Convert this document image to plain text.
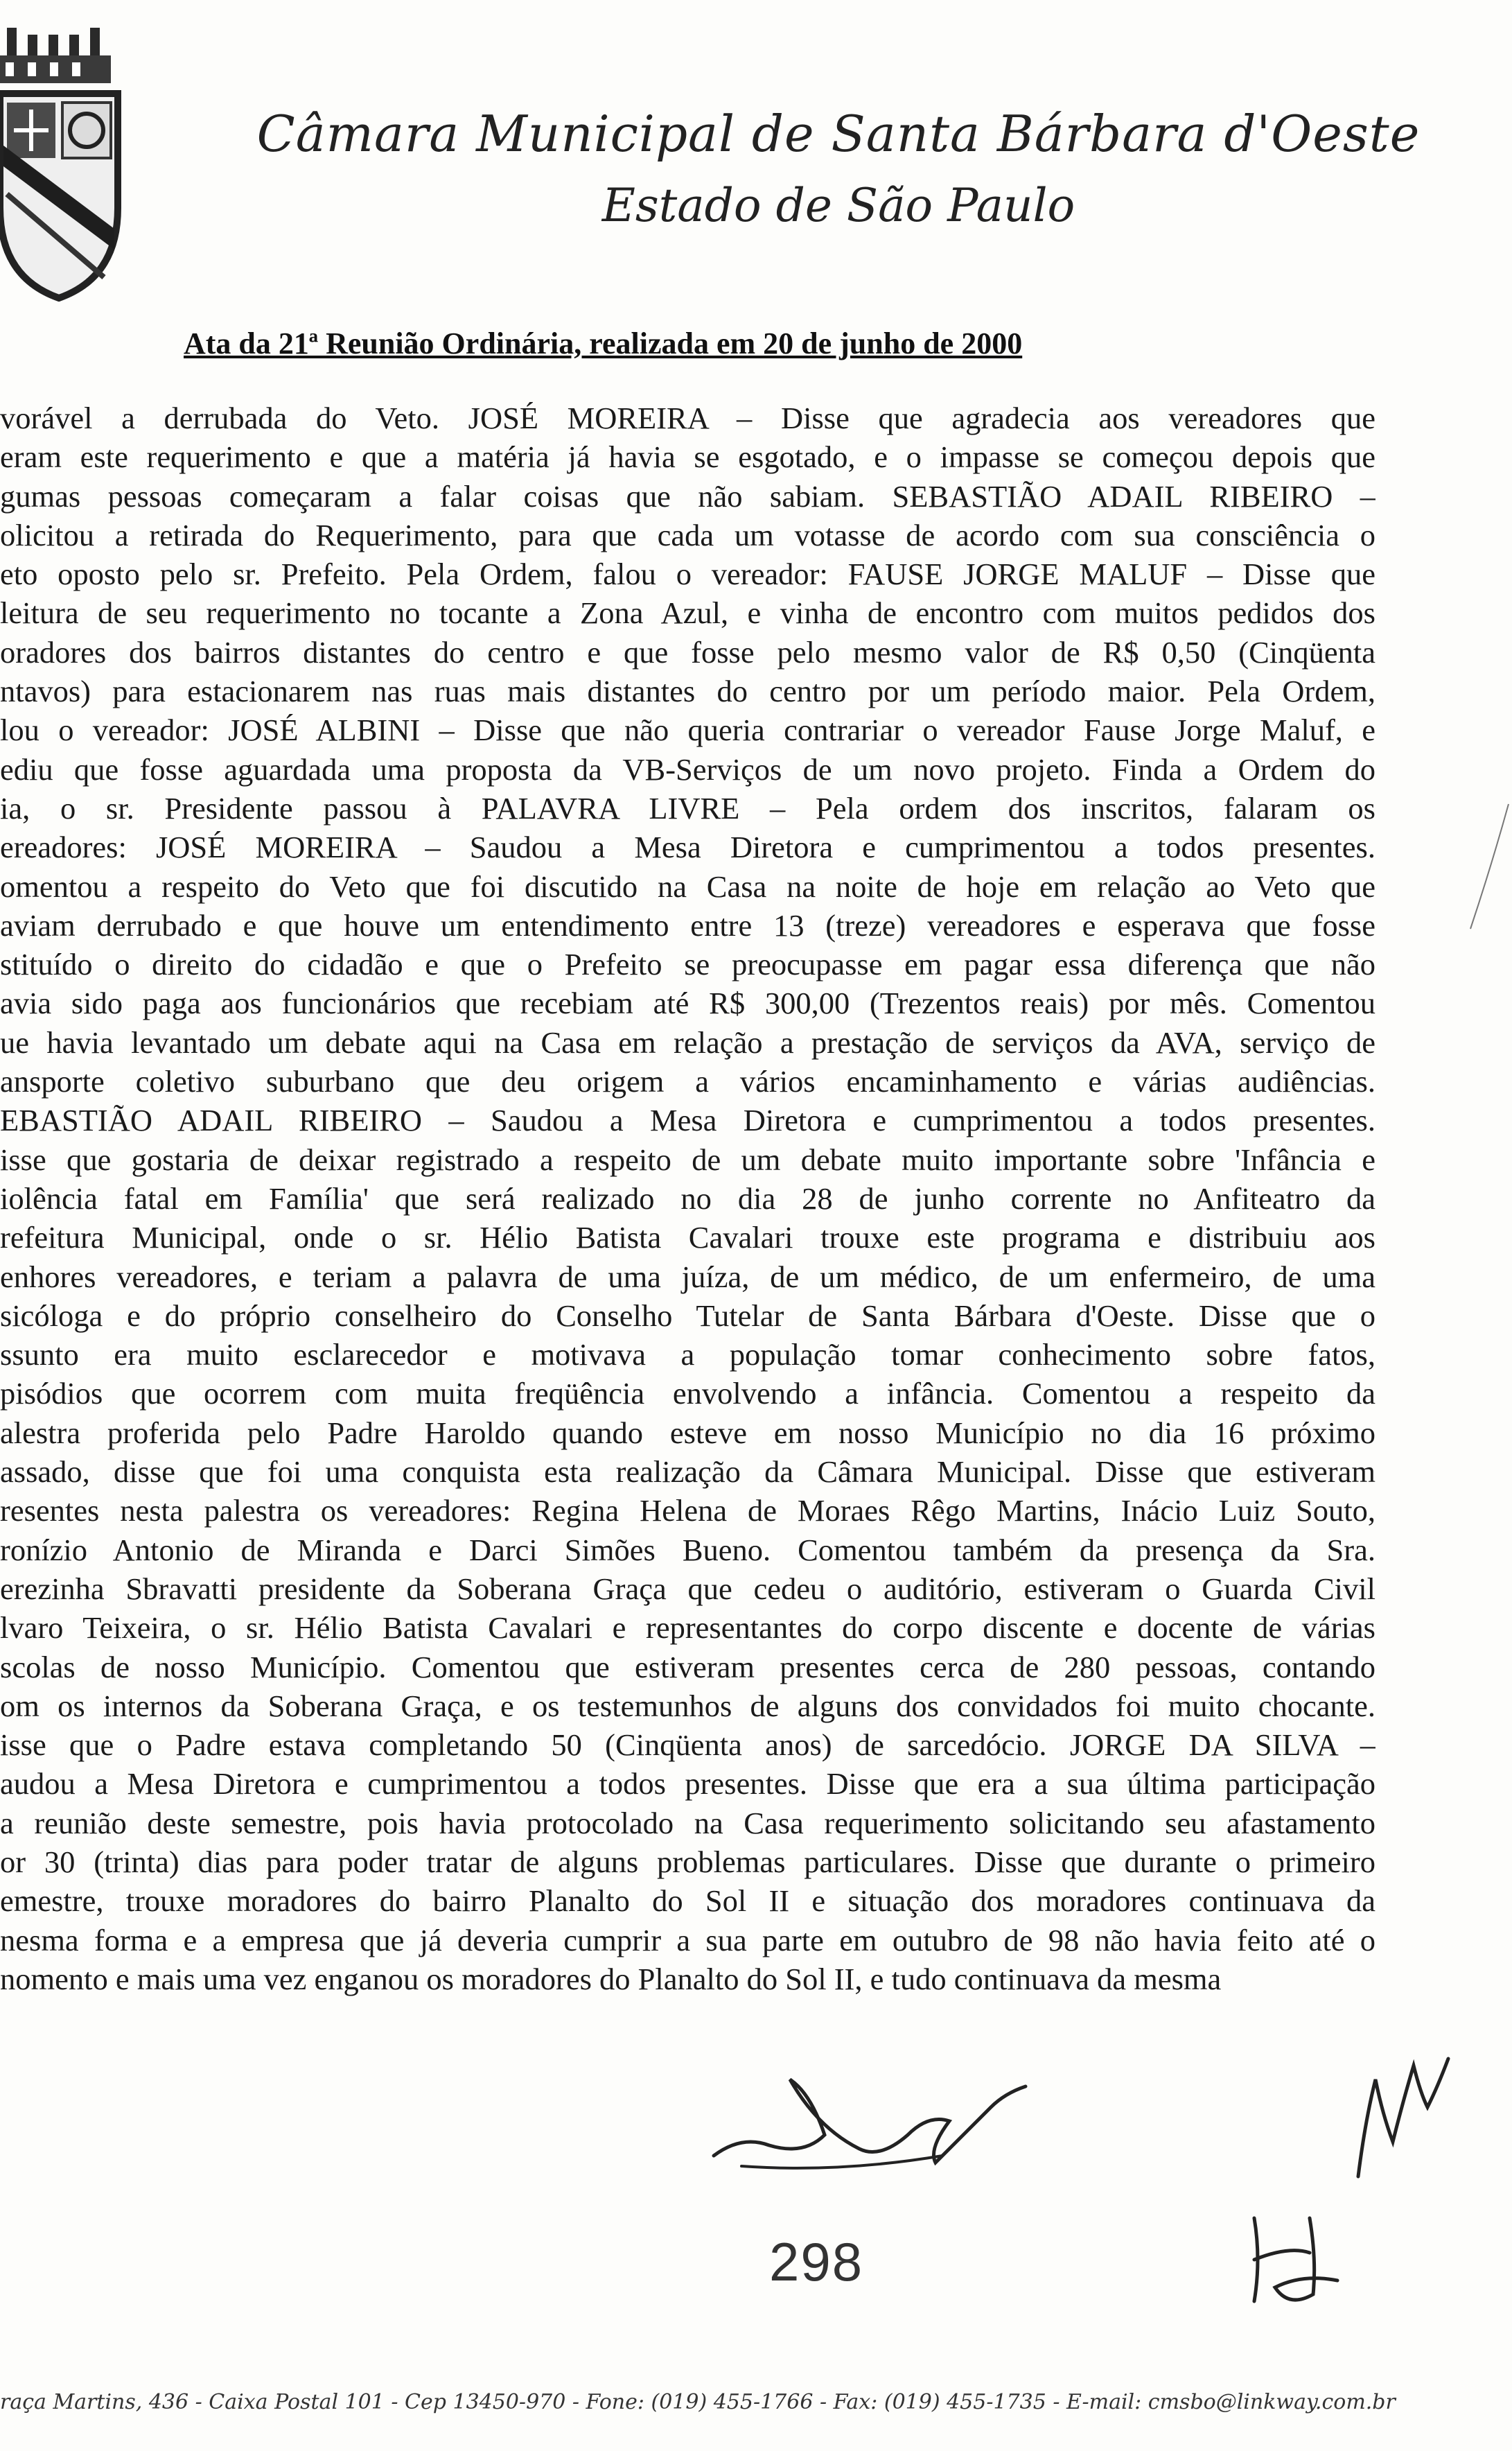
Câmara Municipal de Santa Bárbara d'Oeste
Estado de São Paulo
Ata da 21ª Reunião Ordinária, realizada em 20 de junho de 2000
vorável a derrubada do Veto. JOSÉ MOREIRA – Disse que agradecia aos vereadores que
eram este requerimento e que a matéria já havia se esgotado, e o impasse se começou depois que
gumas pessoas começaram a falar coisas que não sabiam. SEBASTIÃO ADAIL RIBEIRO –
olicitou a retirada do Requerimento, para que cada um votasse de acordo com sua consciência o
eto oposto pelo sr. Prefeito. Pela Ordem, falou o vereador: FAUSE JORGE MALUF – Disse que
leitura de seu requerimento no tocante a Zona Azul, e vinha de encontro com muitos pedidos dos
oradores dos bairros distantes do centro e que fosse pelo mesmo valor de R$ 0,50 (Cinqüenta
ntavos) para estacionarem nas ruas mais distantes do centro por um período maior. Pela Ordem,
lou o vereador: JOSÉ ALBINI – Disse que não queria contrariar o vereador Fause Jorge Maluf, e
ediu que fosse aguardada uma proposta da VB-Serviços de um novo projeto. Finda a Ordem do
ia, o sr. Presidente passou à PALAVRA LIVRE – Pela ordem dos inscritos, falaram os
ereadores: JOSÉ MOREIRA – Saudou a Mesa Diretora e cumprimentou a todos presentes.
omentou a respeito do Veto que foi discutido na Casa na noite de hoje em relação ao Veto que
aviam derrubado e que houve um entendimento entre 13 (treze) vereadores e esperava que fosse
stituído o direito do cidadão e que o Prefeito se preocupasse em pagar essa diferença que não
avia sido paga aos funcionários que recebiam até R$ 300,00 (Trezentos reais) por mês. Comentou
ue havia levantado um debate aqui na Casa em relação a prestação de serviços da AVA, serviço de
ansporte coletivo suburbano que deu origem a vários encaminhamento e várias audiências.
EBASTIÃO ADAIL RIBEIRO – Saudou a Mesa Diretora e cumprimentou a todos presentes.
isse que gostaria de deixar registrado a respeito de um debate muito importante sobre 'Infância e
iolência fatal em Família' que será realizado no dia 28 de junho corrente no Anfiteatro da
refeitura Municipal, onde o sr. Hélio Batista Cavalari trouxe este programa e distribuiu aos
enhores vereadores, e teriam a palavra de uma juíza, de um médico, de um enfermeiro, de uma
sicóloga e do próprio conselheiro do Conselho Tutelar de Santa Bárbara d'Oeste. Disse que o
ssunto era muito esclarecedor e motivava a população tomar conhecimento sobre fatos,
pisódios que ocorrem com muita freqüência envolvendo a infância. Comentou a respeito da
alestra proferida pelo Padre Haroldo quando esteve em nosso Município no dia 16 próximo
assado, disse que foi uma conquista esta realização da Câmara Municipal. Disse que estiveram
resentes nesta palestra os vereadores: Regina Helena de Moraes Rêgo Martins, Inácio Luiz Souto,
ronízio Antonio de Miranda e Darci Simões Bueno. Comentou também da presença da Sra.
erezinha Sbravatti presidente da Soberana Graça que cedeu o auditório, estiveram o Guarda Civil
lvaro Teixeira, o sr. Hélio Batista Cavalari e representantes do corpo discente e docente de várias
scolas de nosso Município. Comentou que estiveram presentes cerca de 280 pessoas, contando
om os internos da Soberana Graça, e os testemunhos de alguns dos convidados foi muito chocante.
isse que o Padre estava completando 50 (Cinqüenta anos) de sarcedócio. JORGE DA SILVA –
audou a Mesa Diretora e cumprimentou a todos presentes. Disse que era a sua última participação
a reunião deste semestre, pois havia protocolado na Casa requerimento solicitando seu afastamento
or 30 (trinta) dias para poder tratar de alguns problemas particulares. Disse que durante o primeiro
emestre, trouxe moradores do bairro Planalto do Sol II e situação dos moradores continuava da
nesma forma e a empresa que já deveria cumprir a sua parte em outubro de 98 não havia feito até o
nomento e mais uma vez enganou os moradores do Planalto do Sol II, e tudo continuava da mesma
298
raça Martins, 436 - Caixa Postal 101 - Cep 13450-970 - Fone: (019) 455-1766 - Fax: (019) 455-1735 - E-mail: cmsbo@linkway.com.br
